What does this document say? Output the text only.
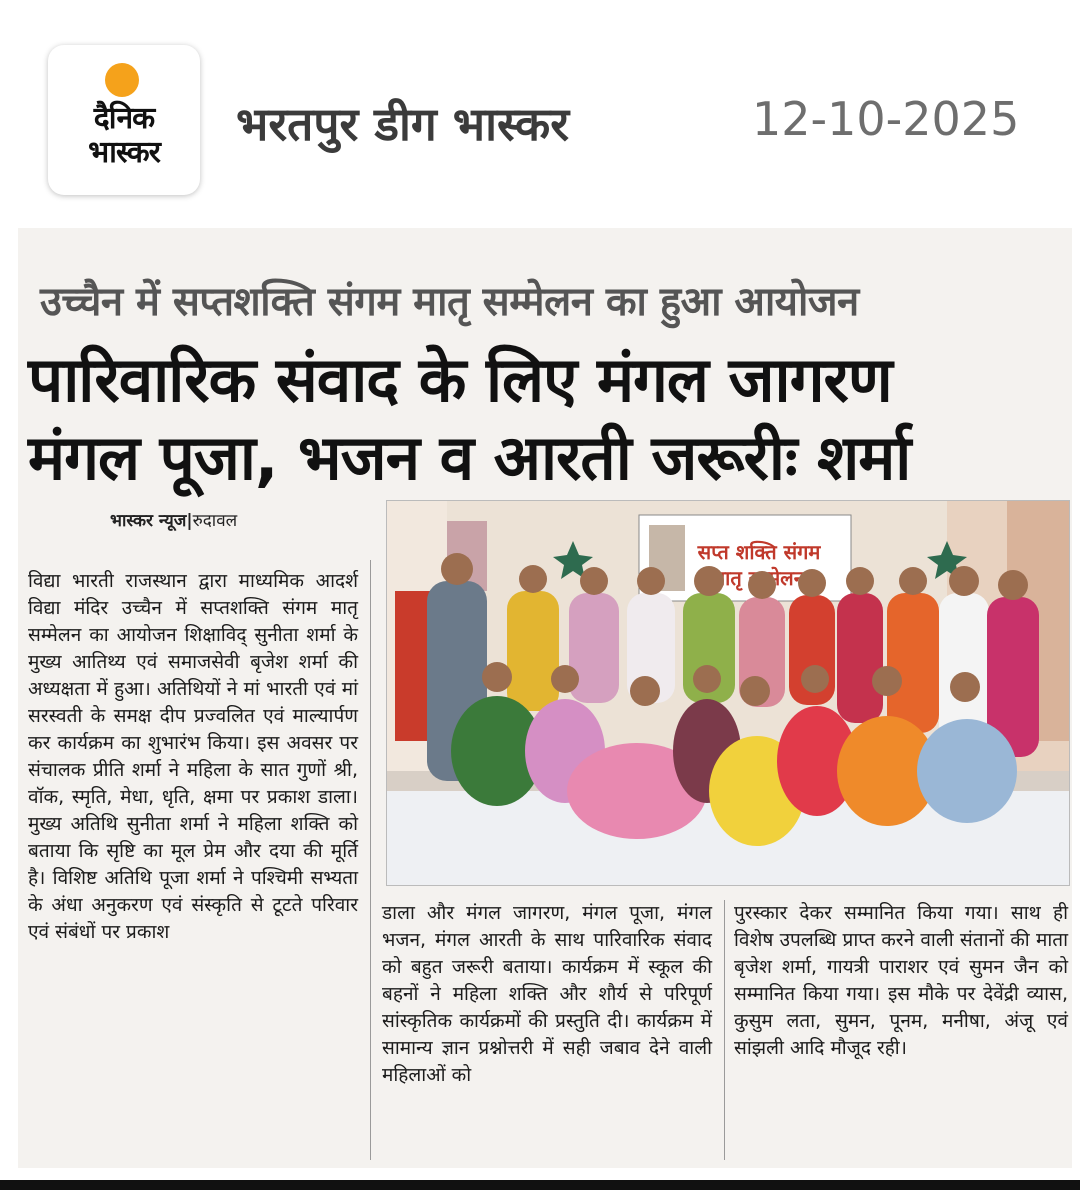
दैनिक
भास्कर
भरतपुर डीग भास्कर	12-10-2025
उच्चैन में सप्तशक्ति संगम मातृ सम्मेलन का हुआ आयोजन
पारिवारिक संवाद के लिए मंगल जागरण
मंगल पूजा, भजन व आरती जरूरीः शर्मा
भास्कर न्यूज|रुदावल
सप्त शक्ति संगम
मातृ सम्मेलन
विद्या भारती राजस्थान द्वारा माध्यमिक आदर्श विद्या मंदिर उच्चैन में सप्तशक्ति संगम मातृ सम्मेलन का आयोजन शिक्षाविद् सुनीता शर्मा के मुख्य आतिथ्य एवं समाजसेवी बृजेश शर्मा की अध्यक्षता में हुआ। अतिथियों ने मां भारती एवं मां सरस्वती के समक्ष दीप प्रज्वलित एवं माल्यार्पण कर कार्यक्रम का शुभारंभ किया। इस अवसर पर संचालक प्रीति शर्मा ने महिला के सात गुणों श्री, वॉक, स्मृति, मेधा, धृति, क्षमा पर प्रकाश डाला। मुख्य अतिथि सुनीता शर्मा ने महिला शक्ति को बताया कि सृष्टि का मूल प्रेम और दया की मूर्ति है। विशिष्ट अतिथि पूजा शर्मा ने पश्चिमी सभ्यता के अंधा अनुकरण एवं संस्कृति से टूटते परिवार एवं संबंधों पर प्रकाश
डाला और मंगल जागरण, मंगल पूजा, मंगल भजन, मंगल आरती के साथ पारिवारिक संवाद को बहुत जरूरी बताया। कार्यक्रम में स्कूल की बहनों ने महिला शक्ति और शौर्य से परिपूर्ण सांस्कृतिक कार्यक्रमों की प्रस्तुति दी। कार्यक्रम में सामान्य ज्ञान प्रश्नोत्तरी में सही जबाव देने वाली महिलाओं को
पुरस्कार देकर सम्मानित किया गया। साथ ही विशेष उपलब्धि प्राप्त करने वाली संतानों की माता बृजेश शर्मा, गायत्री पाराशर एवं सुमन जैन को सम्मानित किया गया। इस मौके पर देवेंद्री व्यास, कुसुम लता, सुमन, पूनम, मनीषा, अंजू एवं सांझली आदि मौजूद रही।
